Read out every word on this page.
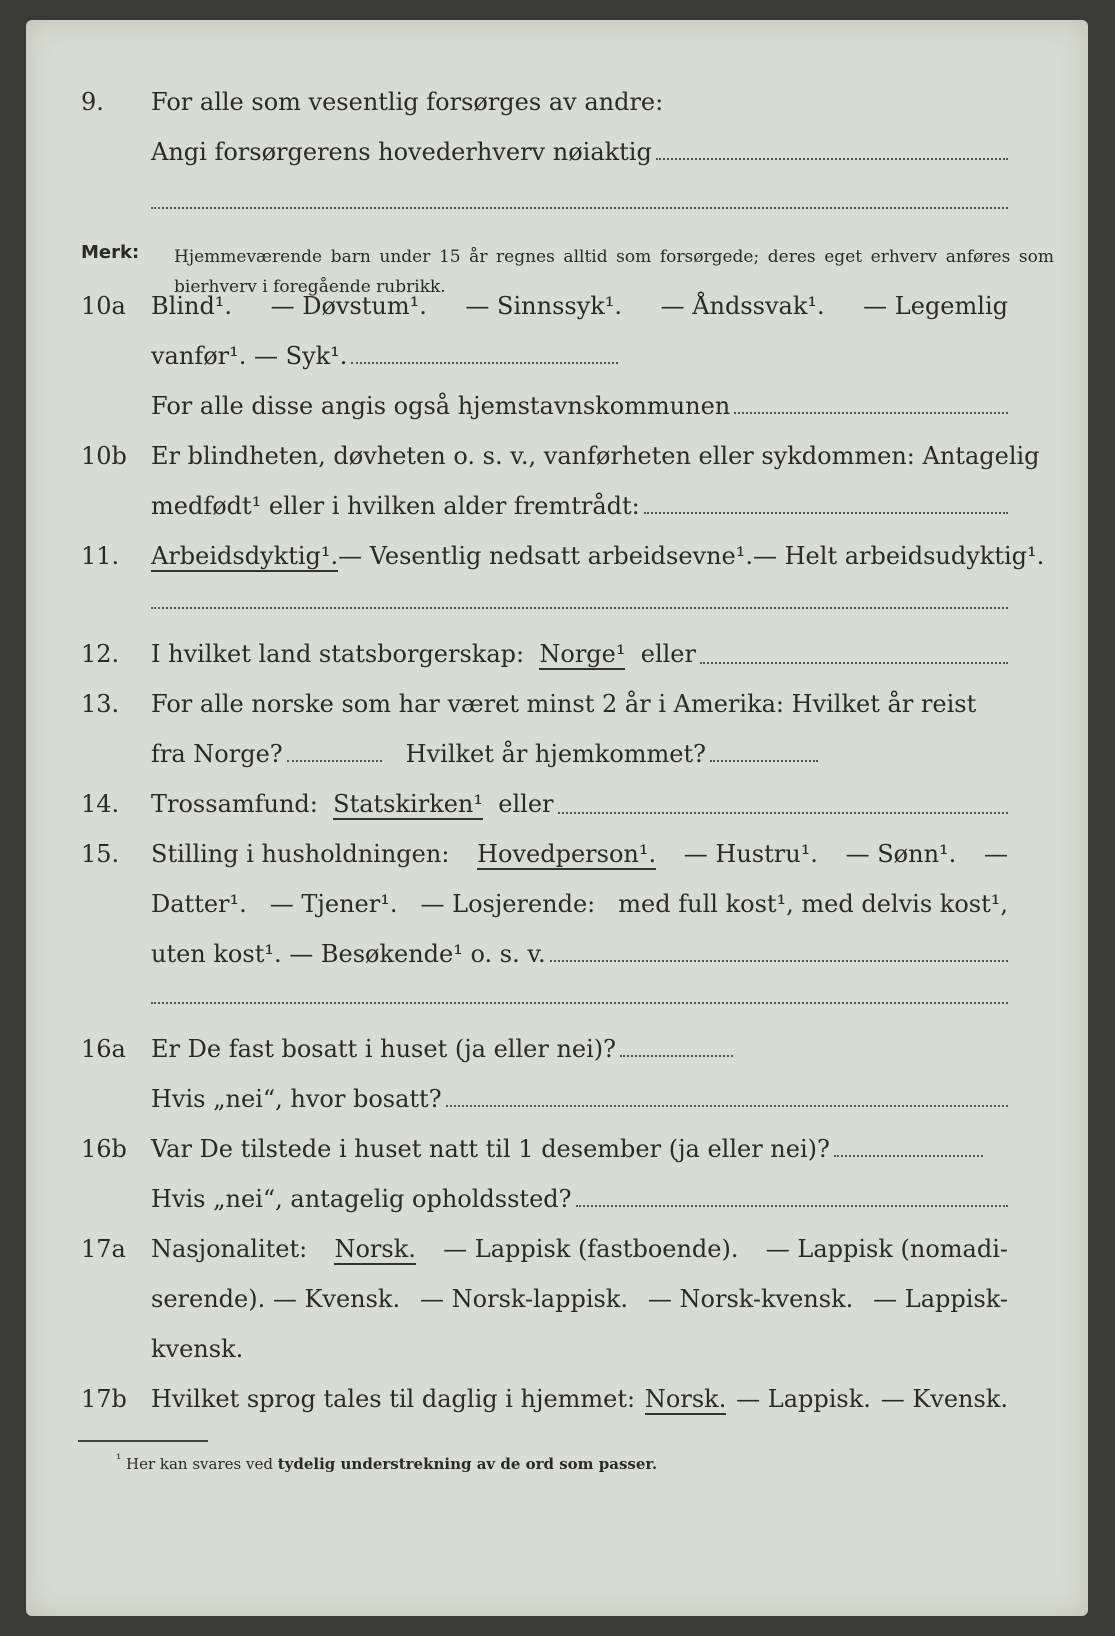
9. For alle som vesentlig forsørges av andre:
Angi forsørgerens hovederhverv nøiaktig
Merk: Hjemmeværende barn under 15 år regnes alltid som forsørgede; deres eget erhverv anføres som bierhverv i foregående rubrikk.
10a Blind¹. — Døvstum¹. — Sinnssyk¹. — Åndssvak¹. — Legemlig
vanfør¹. — Syk¹.
For alle disse angis også hjemstavnskommunen
10b Er blindheten, døvheten o. s. v., vanførheten eller sykdommen: Antagelig
medfødt¹ eller i hvilken alder fremtrådt:
11. Arbeidsdyktig¹. — Vesentlig nedsatt arbeidsevne¹. — Helt arbeidsudyktig¹.
12. I hvilket land statsborgerskap:
Norge¹
eller
13. For alle norske som har været minst 2 år i Amerika: Hvilket år reist
fra Norge?	Hvilket år hjemkommet?
14. Trossamfund:
Statskirken¹
eller
15. Stilling i husholdningen: Hovedperson¹. — Hustru¹. — Sønn¹. —
Datter¹. — Tjener¹. — Losjerende: med full kost¹, med delvis kost¹,
uten kost¹. — Besøkende¹ o. s. v.
16a Er De fast bosatt i huset (ja eller nei)?
Hvis „nei“, hvor bosatt?
16b Var De tilstede i huset natt til 1 desember (ja eller nei)?
Hvis „nei“, antagelig opholdssted?
17a Nasjonalitet: Norsk. — Lappisk (fastboende). — Lappisk (nomadi-
serende). — Kvensk. — Norsk-lappisk. — Norsk-kvensk. — Lappisk-
kvensk.
17b Hvilket sprog tales til daglig i hjemmet: Norsk. — Lappisk. — Kvensk.
$^{^1}$ Her kan svares ved tydelig understrekning av de ord som passer.
